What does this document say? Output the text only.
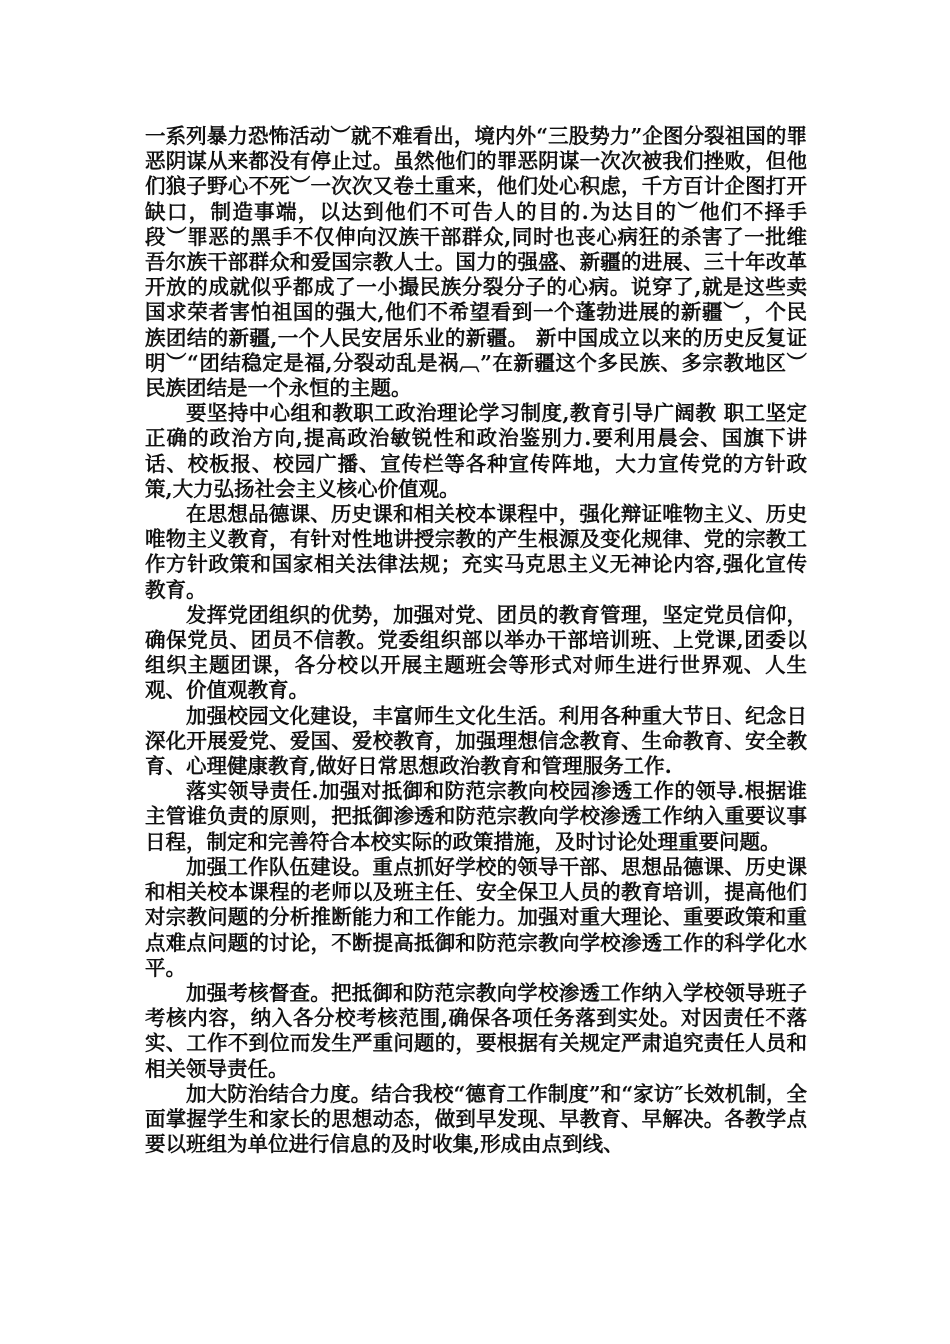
一系列暴力恐怖活动︶就不难看出，境内外“三股势力”企图分裂祖国的罪恶阴谋从来都没有停止过。虽然他们的罪恶阴谋一次次被我们挫败，但他们狼子野心不死︶一次次又卷土重来，他们处心积虑，千方百计企图打开缺口，制造事端，以达到他们不可告人的目的.为达目的︶他们不择手段︶罪恶的黑手不仅伸向汉族干部群众,同时也丧心病狂的杀害了一批维吾尔族干部群众和爱国宗教人士。国力的强盛、新疆的进展、三十年改革开放的成就似乎都成了一小撮民族分裂分子的心病。说穿了,就是这些卖国求荣者害怕祖国的强大,他们不希望看到一个蓬勃进展的新疆︶，个民族团结的新疆,一个人民安居乐业的新疆。 新中国成立以来的历史反复证明︶“团结稳定是福,分裂动乱是祸︹”在新疆这个多民族、多宗教地区︶民族团结是一个永恒的主题。

要坚持中心组和教职工政治理论学习制度,教育引导广阔教 职工坚定正确的政治方向,提高政治敏锐性和政治鉴别力.要利用晨会、国旗下讲话、校板报、校园广播、宣传栏等各种宣传阵地，大力宣传党的方针政策,大力弘扬社会主义核心价值观。

在思想品德课、历史课和相关校本课程中，强化辩证唯物主义、历史唯物主义教育，有针对性地讲授宗教的产生根源及变化规律、党的宗教工作方针政策和国家相关法律法规；充实马克思主义无神论内容,强化宣传教育。

发挥党团组织的优势，加强对党、团员的教育管理，坚定党员信仰，确保党员、团员不信教。党委组织部以举办干部培训班、上党课,团委以组织主题团课，各分校以开展主题班会等形式对师生进行世界观、人生观、价值观教育。

加强校园文化建设，丰富师生文化生活。利用各种重大节日、纪念日深化开展爱党、爱国、爱校教育，加强理想信念教育、生命教育、安全教育、心理健康教育,做好日常思想政治教育和管理服务工作.

落实领导责任.加强对抵御和防范宗教向校园渗透工作的领导.根据谁主管谁负责的原则，把抵御渗透和防范宗教向学校渗透工作纳入重要议事日程，制定和完善符合本校实际的政策措施，及时讨论处理重要问题。

加强工作队伍建设。重点抓好学校的领导干部、思想品德课、历史课和相关校本课程的老师以及班主任、安全保卫人员的教育培训，提高他们对宗教问题的分析推断能力和工作能力。加强对重大理论、重要政策和重点难点问题的讨论，不断提高抵御和防范宗教向学校渗透工作的科学化水平。

加强考核督查。把抵御和防范宗教向学校渗透工作纳入学校领导班子考核内容，纳入各分校考核范围,确保各项任务落到实处。对因责任不落实、工作不到位而发生严重问题的，要根据有关规定严肃追究责任人员和相关领导责任。

加大防治结合力度。结合我校“德育工作制度”和“家访″长效机制，全面掌握学生和家长的思想动态，做到早发现、早教育、早解决。各教学点要以班组为单位进行信息的及时收集,形成由点到线、
